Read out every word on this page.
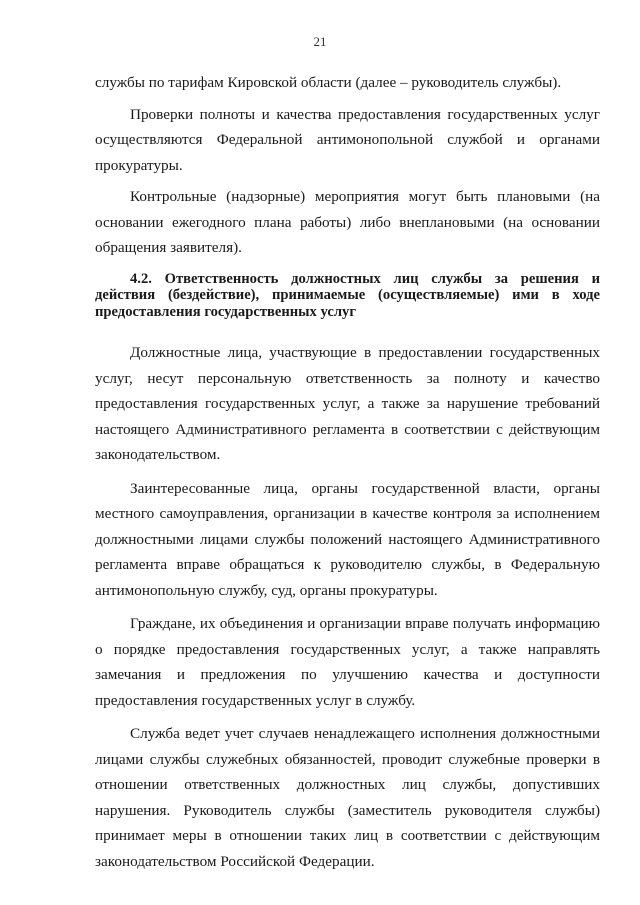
21

службы по тарифам Кировской области (далее – руководитель службы).

Проверки полноты и качества предоставления государственных услуг осуществляются Федеральной антимонопольной службой и органами прокуратуры.

Контрольные (надзорные) мероприятия могут быть плановыми (на основании ежегодного плана работы) либо внеплановыми (на основании обращения заявителя).

4.2. Ответственность должностных лиц службы за решения и действия (бездействие), принимаемые (осуществляемые) ими в ходе предоставления государственных услуг

Должностные лица, участвующие в предоставлении государственных услуг, несут персональную ответственность за полноту и качество предоставления государственных услуг, а также за нарушение требований настоящего Административного регламента в соответствии с действующим законодательством.

Заинтересованные лица, органы государственной власти, органы местного самоуправления, организации в качестве контроля за исполнением должностными лицами службы положений настоящего Административного регламента вправе обращаться к руководителю службы, в Федеральную антимонопольную службу, суд, органы прокуратуры.

Граждане, их объединения и организации вправе получать информацию о порядке предоставления государственных услуг, а также направлять замечания и предложения по улучшению качества и доступности предоставления государственных услуг в службу.

Служба ведет учет случаев ненадлежащего исполнения должностными лицами службы служебных обязанностей, проводит служебные проверки в отношении ответственных должностных лиц службы, допустивших нарушения. Руководитель службы (заместитель руководителя службы) принимает меры в отношении таких лиц в соответствии с действующим законодательством Российской Федерации.
